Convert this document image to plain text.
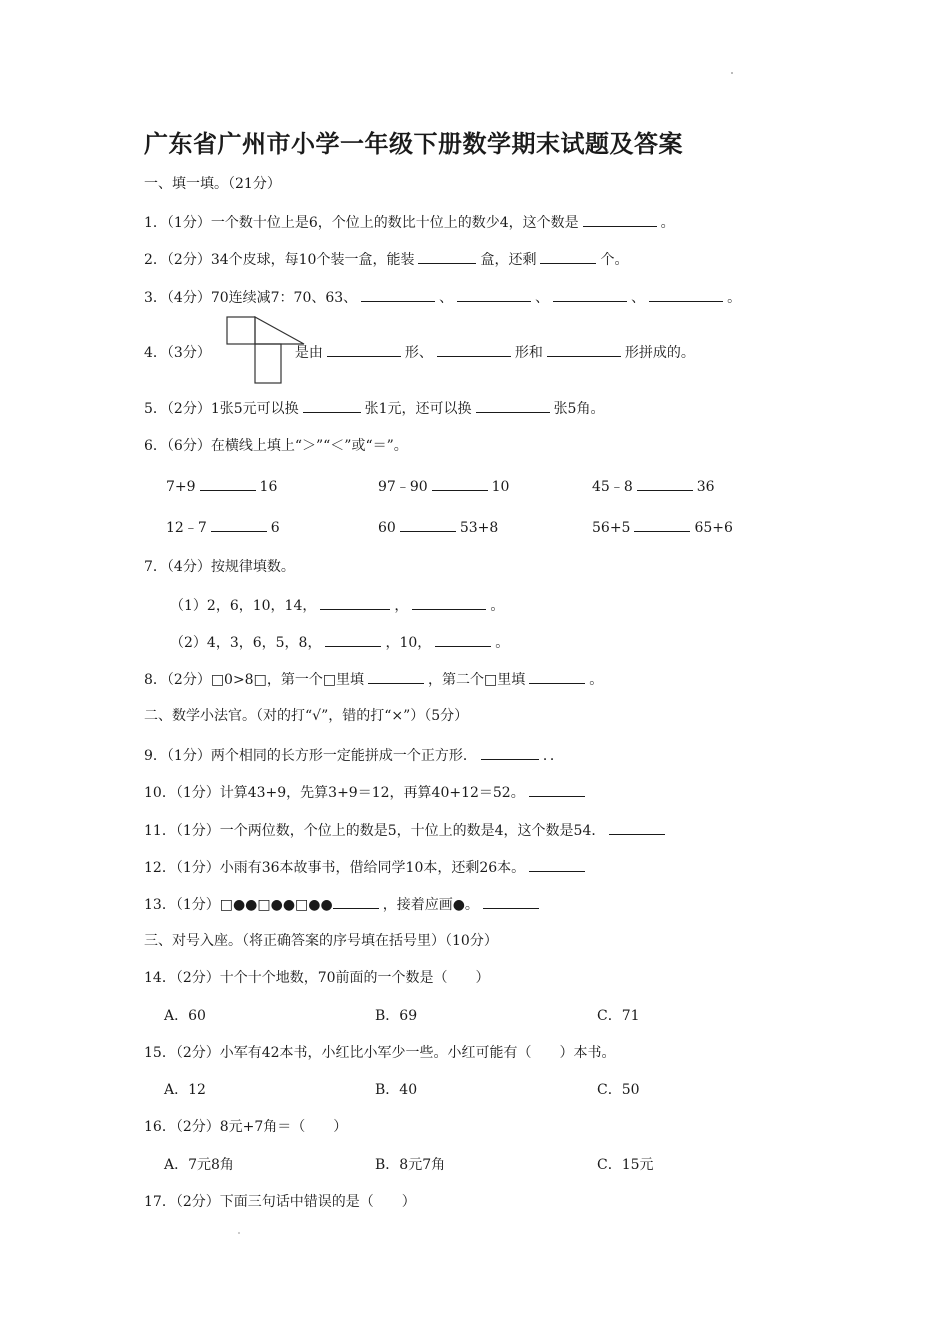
广东省广州市小学一年级下册数学期末试题及答案
一、填一填。（21分）
1．（1分）一个数十位上是6，个位上的数比十位上的数少4，这个数是	。
2．（2分）34个皮球，每10个装一盒，能装	盒，还剩	个。
3．（4分）70连续减7：70、63、	、	、	、	。
4．（3分）	是由	形、	形和	形拼成的。
5．（2分）1张5元可以换	张1元，还可以换	张5角。
6．（6分）在横线上填上“＞”“＜”或“＝”。
7+9	16	97﹣90	10	45﹣8	36
12﹣7	6	60	53+8	56+5	65+6
7．（4分）按规律填数。
（1）2，6，10，14，	，	。
（2）4，3，6，5，8，	，10，	。
8．（2分）□0>8□，第一个□里填	，第二个□里填	。
二、数学小法官。（对的打“√”，错的打“×”）（5分）
9．（1分）两个相同的长方形一定能拼成一个正方形．	．．
10．（1分）计算43+9，先算3+9＝12，再算40+12＝52。
11．（1分）一个两位数，个位上的数是5，十位上的数是4，这个数是54．
12．（1分）小雨有36本故事书，借给同学10本，还剩26本。
13．（1分）□●●□●●□●●	，接着应画●。
三、对号入座。（将正确答案的序号填在括号里）（10分）
14．（2分）十个十个地数，70前面的一个数是（　　）
A．60	B．69	C．71
15．（2分）小军有42本书，小红比小军少一些。小红可能有（　　）本书。
A．12	B．40	C．50
16．（2分）8元+7角＝（　　）
A．7元8角	B．8元7角	C．15元
17．（2分）下面三句话中错误的是（　　）
